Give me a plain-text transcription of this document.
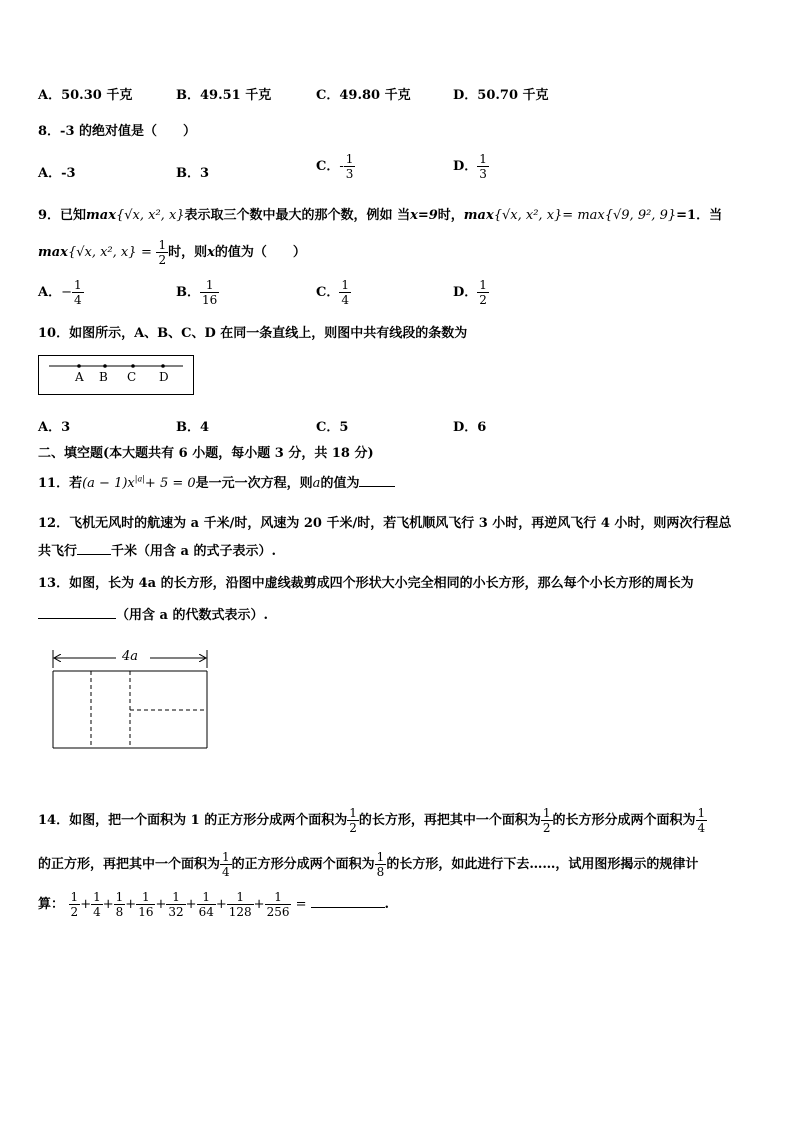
A．50.30 千克	B．49.51 千克	C．49.80 千克	D．50.70 千克
8．-3 的绝对值是（　　）
A．-3	B．3	C．- $\frac{1}{3}$	D． $\frac{1}{3}$
9．已知max{√x, x², x}表示取三个数中最大的那个数，例如 当x=9时，max{√x, x², x}= max{√9, 9², 9}=1．当
max{√x, x², $x\} = \frac{1}{2}$ 时，则x的值为（　　）
A．− $\frac{1}{4}$	B． $\frac{1}{16}$	C． $\frac{1}{4}$	D． $\frac{1}{2}$
10．如图所示，A、B、C、D 在同一条直线上，则图中共有线段的条数为
A B C D
A．3	B．4	C．5	D．6
二、填空题(本大题共有 6 小题，每小题 3 分，共 18 分)
11．若$(a - 1)x^{|a|}+ 5 = 0$是一元一次方程，则a的值为
12．飞机无风时的航速为 a 千米/时，风速为 20 千米/时，若飞机顺风飞行 3 小时，再逆风飞行 4 小时，则两次行程总
共飞行	千米（用含 a 的式子表示）.
13．如图，长为 4a 的长方形，沿图中虚线裁剪成四个形状大小完全相同的小长方形，那么每个小长方形的周长为
（用含 a 的代数式表示）.
4a
14．如图，把一个面积为 1 的正方形分成两个面积为 $\frac{1}{2}$ 的长方形，再把其中一个面积为 $\frac{1}{2}$ 的长方形分成两个面积为 $\frac{1}{4}$
的正方形，再把其中一个面积为 $\frac{1}{4}$ 的正方形分成两个面积为 $\frac{1}{8}$ 的长方形，如此进行下去……，试用图形揭示的规律计
算： $\frac{1}{2} + \frac{1}{4} + \frac{1}{8} + \frac{1}{16} + \frac{1}{32} + \frac{1}{64} + \frac{1}{128} + \frac{1}{256}$ =	.
